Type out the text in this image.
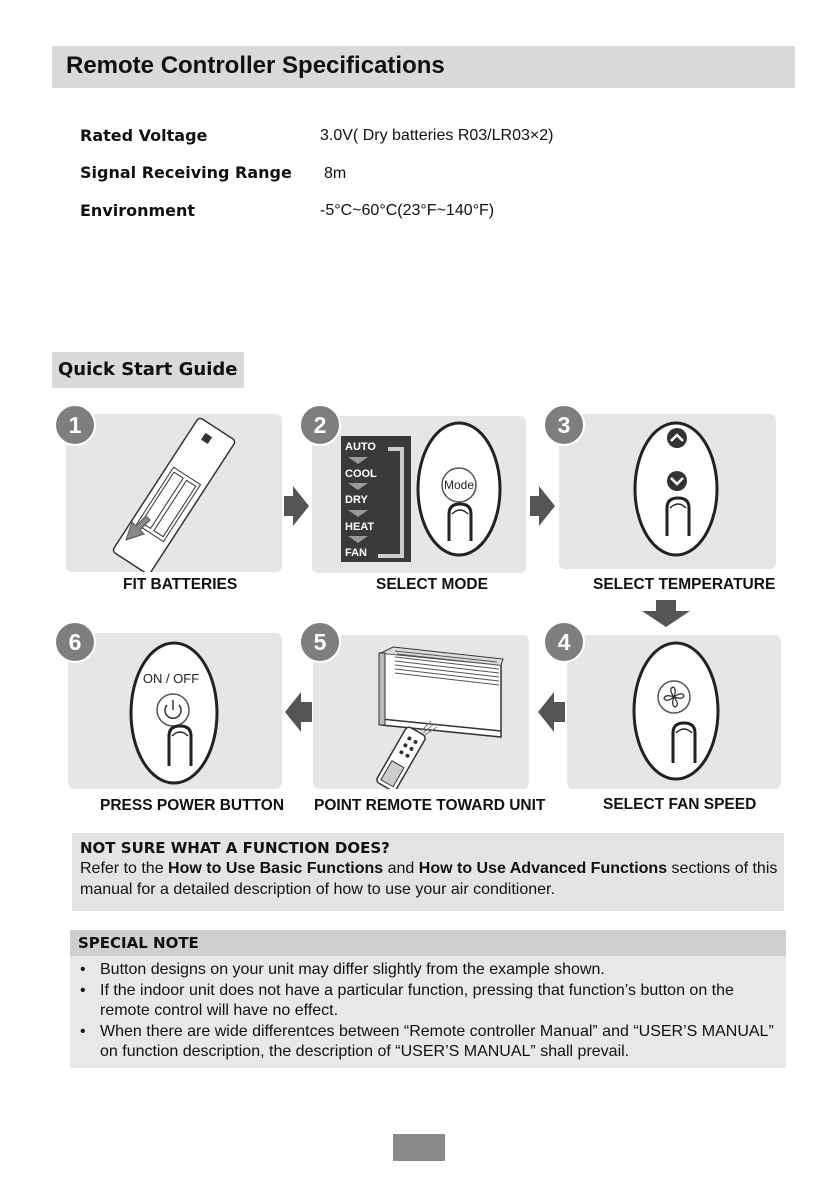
Remote Controller Specifications
Rated Voltage	3.0V( Dry batteries R03/LR03×2)
Signal Receiving Range 8m
Environment	-5°C~60°C(23°F~140°F)
Quick Start Guide
1
FIT BATTERIES
AUTO
COOL
DRY
HEAT
FAN
Mode
2
SELECT MODE
3
SELECT TEMPERATURE
ON / OFF
6
PRESS POWER BUTTON
5
POINT REMOTE TOWARD UNIT
4
SELECT FAN SPEED
NOT SURE WHAT A FUNCTION DOES?
Refer to the How to Use Basic Functions and How to Use Advanced Functions sections of this manual for a detailed description of how to use your air conditioner.
SPECIAL NOTE
• Button designs on your unit may differ slightly from the example shown.
• If the indoor unit does not have a particular function, pressing that function’s button on the remote control will have no effect.
• When there are wide differentces between “Remote controller Manual” and “USER’S MANUAL” on function description, the description of “USER’S MANUAL” shall prevail.
